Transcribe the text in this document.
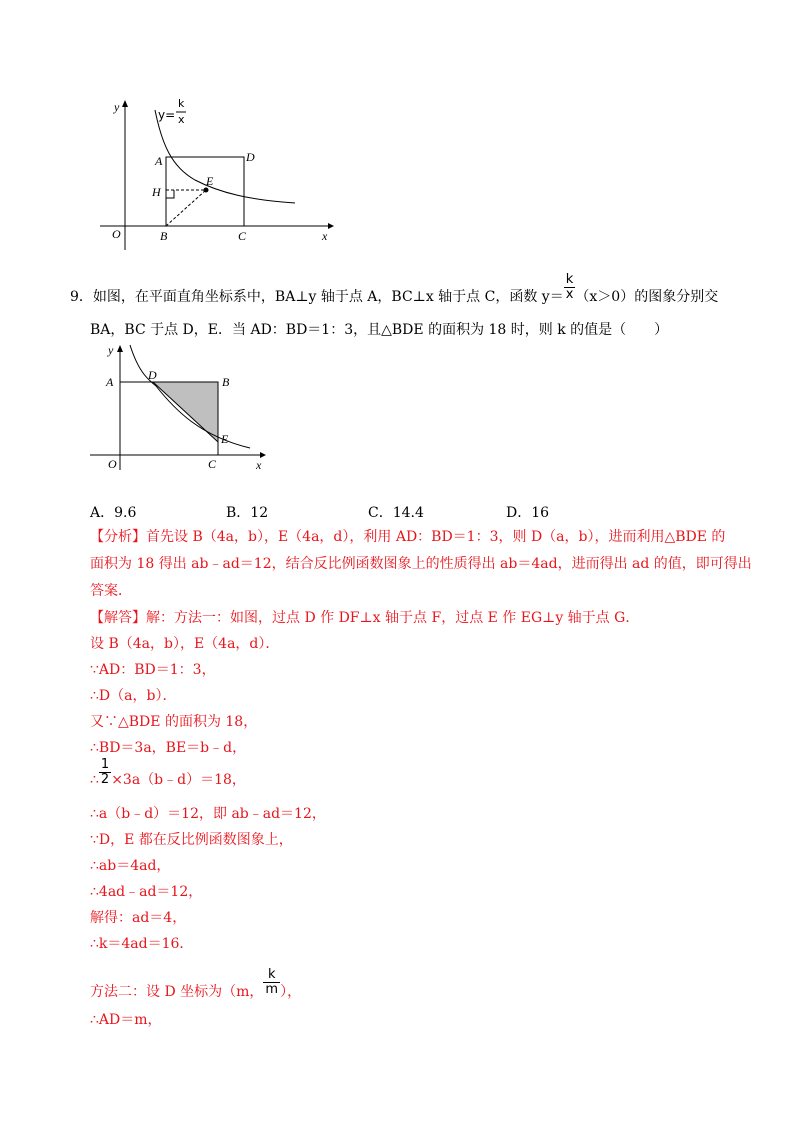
y
x
O
A	D
E
H
B	C
y=
k
x
9．如图，在平面直角坐标系中，BA⊥y 轴于点 A，BC⊥x 轴于点 C，函数 $y= \frac{k}{x} (x>0)$的图象分别交
BA，BC 于点 D，E．当 AD：BD＝1：3，且△BDE 的面积为 18 时，则 k 的值是（　　）
y
x
O
A	D	B
E
C
A．9.6	B．12	C．14.4	D．16
【分析】首先设 B（4a，b），E（4a，d），利用 AD：BD＝1：3，则 D（a，b），进而利用△BDE 的
面积为 18 得出 ab﹣ad＝12，结合反比例函数图象上的性质得出 ab＝4ad，进而得出 ad 的值，即可得出
答案．
【解答】解：方法一：如图，过点 D 作 DF⊥x 轴于点 F，过点 E 作 EG⊥y 轴于点 G．
设 B（4a，b），E（4a，d）．
∵AD：BD＝1：3，
∴D（a，b）．
又∵△BDE 的面积为 18，
∴BD＝3a，BE＝b﹣d，
∴ $\frac{1}{2}$ ×3a（b﹣d）＝18，
∴a（b﹣d）＝12，即 ab﹣ad＝12，
∵D，E 都在反比例函数图象上，
∴ab＝4ad，
∴4ad﹣ad＝12，
解得：ad＝4，
∴k＝4ad＝16．
方法二：设 D 坐标为（m， $\frac{k}{m}$ ），
∴AD＝m，
